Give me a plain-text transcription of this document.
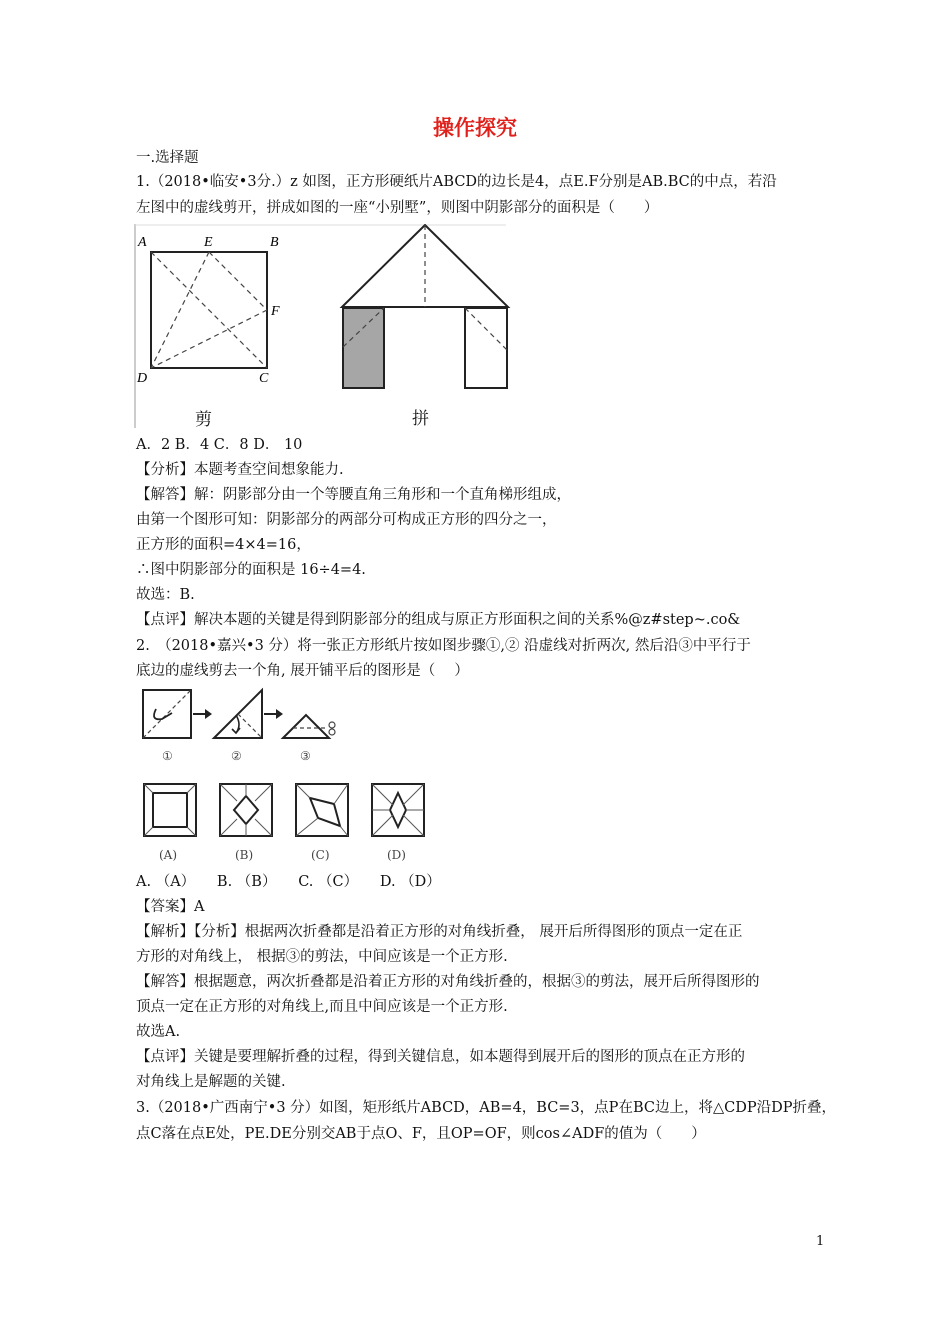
操作探究
一.选择题
1.（2018•临安•3分.）z 如图，正方形硬纸片ABCD的边长是4，点E.F分别是AB.BC的中点，若沿
左图中的虚线剪开，拼成如图的一座“小别墅”，则图中阴影部分的面积是（　　）
A	E	B
F
D	C
剪	拼
A．2 B．4 C．8 D． 10
【分析】本题考查空间想象能力.
【解答】解：阴影部分由一个等腰直角三角形和一个直角梯形组成，
由第一个图形可知：阴影部分的两部分可构成正方形的四分之一，
正方形的面积=4×4=16，
∴图中阴影部分的面积是 16÷4=4.
故选：B.
【点评】解决本题的关键是得到阴影部分的组成与原正方形面积之间的关系%@z#step~.co&
2.　（2018•嘉兴•3 分）将一张正方形纸片按如图步骤①,② 沿虚线对折两次, 然后沿③中平行于
底边的虚线剪去一个角, 展开铺平后的图形是（　 ）
①	②	③
(A)	(B)	(C)	(D)
A. （A）　　B. （B）　　C. （C）　　D. （D）
【答案】A
【解析】【分析】根据两次折叠都是沿着正方形的对角线折叠， 展开后所得图形的顶点一定在正
方形的对角线上， 根据③的剪法，中间应该是一个正方形.
【解答】根据题意，两次折叠都是沿着正方形的对角线折叠的，根据③的剪法，展开后所得图形的
顶点一定在正方形的对角线上,而且中间应该是一个正方形.
故选A.
【点评】关键是要理解折叠的过程，得到关键信息，如本题得到展开后的图形的顶点在正方形的
对角线上是解题的关键.
3.（2018•广西南宁•3 分）如图，矩形纸片ABCD，AB=4，BC=3，点P在BC边上，将△CDP沿DP折叠，
点C落在点E处，PE.DE分别交AB于点O、F，且OP=OF，则cos∠ADF的值为（　　）
1
